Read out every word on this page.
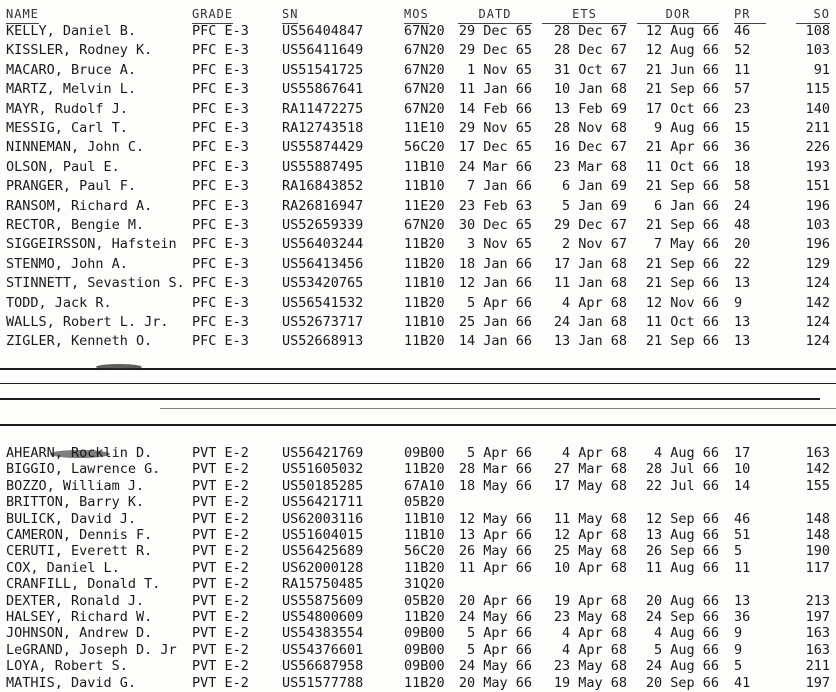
NAME	GRADE	SN	MOS	DATD	ETS	DOR	PR	SO
KELLY, Daniel B.	PFC E-3 US56404847	67N20 29 Dec 65	28 Dec 67	12 Aug 66 46	108
KISSLER, Rodney K.	PFC E-3 US56411649	67N20 29 Dec 65	28 Dec 67	12 Aug 66 52	103
MACARO, Bruce A.	PFC E-3 US51541725	67N20	1 Nov 65	31 Oct 67	21 Jun 66 11	91
MARTZ, Melvin L.	PFC E-3 US55867641	67N20 11 Jan 66	10 Jan 68	21 Sep 66 57	115
MAYR, Rudolf J.	PFC E-3 RA11472275	67N20 14 Feb 66	13 Feb 69	17 Oct 66 23	140
MESSIG, Carl T.	PFC E-3 RA12743518	11E10 29 Nov 65	28 Nov 68	9 Aug 66 15	211
NINNEMAN, John C.	PFC E-3 US55874429	56C20 17 Dec 65	16 Dec 67	21 Apr 66 36	226
OLSON, Paul E.	PFC E-3 US55887495	11B10 24 Mar 66	23 Mar 68	11 Oct 66 18	193
PRANGER, Paul F.	PFC E-3 RA16843852	11B10	7 Jan 66	6 Jan 69	21 Sep 66 58	151
RANSOM, Richard A.	PFC E-3 RA26816947	11E20 23 Feb 63	5 Jan 69	6 Jan 66 24	196
RECTOR, Bengie M.	PFC E-3 US52659339	67N20 30 Dec 65	29 Dec 67	21 Sep 66 48	103
SIGGEIRSSON, Hafstein PFC E-3 US56403244	11B20	3 Nov 65	2 Nov 67	7 May 66 20	196
STENMO, John A.	PFC E-3 US56413456	11B20 18 Jan 66	17 Jan 68	21 Sep 66 22	129
STINNETT, Sevastion S. PFC E-3 US53420765	11B10 12 Jan 66	11 Jan 68	21 Sep 66 13	124
TODD, Jack R.	PFC E-3 US56541532	11B20	5 Apr 66	4 Apr 68	12 Nov 66 9	142
WALLS, Robert L. Jr. PFC E-3 US52673717	11B10 25 Jan 66	24 Jan 68	11 Oct 66 13	124
ZIGLER, Kenneth O.	PFC E-3 US52668913	11B20 14 Jan 66	13 Jan 68	21 Sep 66 13	124
AHEARN, Rocklin D.	PVT E-2 US56421769	09B00	5 Apr 66	4 Apr 68	4 Aug 66 17	163
BIGGIO, Lawrence G. PVT E-2 US51605032	11B20 28 Mar 66	27 Mar 68	28 Jul 66 10	142
BOZZO, William J.	PVT E-2 US50185285	67A10 18 May 66	17 May 68	22 Jul 66 14	155
BRITTON, Barry K.	PVT E-2 US56421711	05B20
BULICK, David J.	PVT E-2 US62003116	11B10 12 May 66	11 May 68	12 Sep 66 46	148
CAMERON, Dennis F.	PVT E-2 US51604015	11B10 13 Apr 66	12 Apr 68	13 Aug 66 51	148
CERUTI, Everett R.	PVT E-2 US56425689	56C20 26 May 66	25 May 68	26 Sep 66 5	190
COX, Daniel L.	PVT E-2 US62000128	11B20 11 Apr 66	10 Apr 68	11 Aug 66 11	117
CRANFILL, Donald T. PVT E-2 RA15750485	31Q20
DEXTER, Ronald J.	PVT E-2 US55875609	05B20 20 Apr 66	19 Apr 68	20 Aug 66 13	213
HALSEY, Richard W.	PVT E-2 US54800609	11B20 24 May 66	23 May 68	24 Sep 66 36	197
JOHNSON, Andrew D.	PVT E-2 US54383554	09B00	5 Apr 66	4 Apr 68	4 Aug 66 9	163
LeGRAND, Joseph D. Jr PVT E-2 US54376601	09B00	5 Apr 66	4 Apr 68	5 Aug 66 9	163
LOYA, Robert S.	PVT E-2 US56687958	09B00 24 May 66	23 May 68	24 Aug 66 5	211
MATHIS, David G.	PVT E-2 US51577788	11B20 20 May 66	19 May 68	20 Sep 66 41	197
